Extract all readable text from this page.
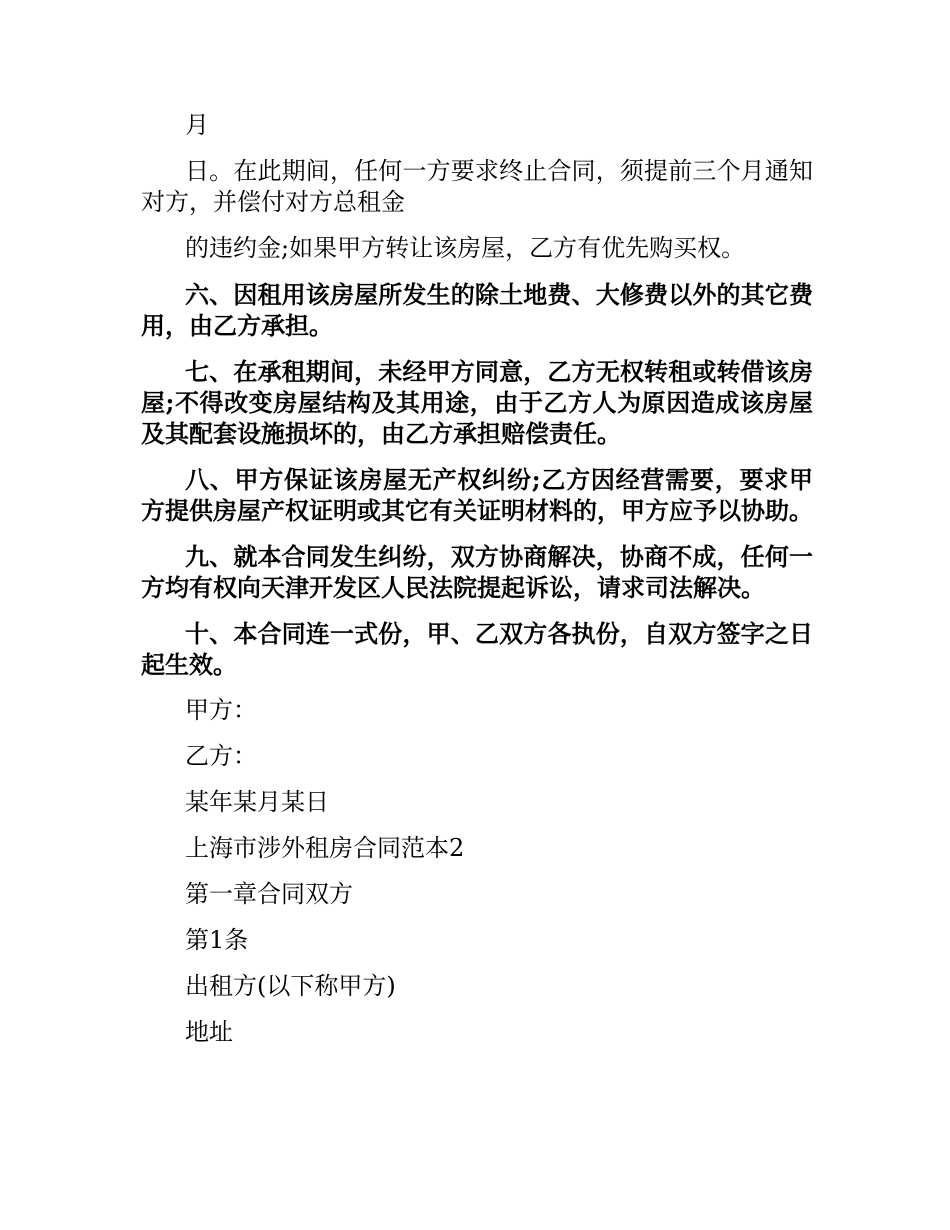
月

日。在此期间，任何一方要求终止合同，须提前三个月通知对方，并偿付对方总租金

的违约金;如果甲方转让该房屋，乙方有优先购买权。

六、因租用该房屋所发生的除土地费、大修费以外的其它费用，由乙方承担。

七、在承租期间，未经甲方同意，乙方无权转租或转借该房屋;不得改变房屋结构及其用途，由于乙方人为原因造成该房屋及其配套设施损坏的，由乙方承担赔偿责任。

八、甲方保证该房屋无产权纠纷;乙方因经营需要，要求甲方提供房屋产权证明或其它有关证明材料的，甲方应予以协助。

九、就本合同发生纠纷，双方协商解决，协商不成，任何一方均有权向天津开发区人民法院提起诉讼，请求司法解决。

十、本合同连一式份，甲、乙双方各执份，自双方签字之日起生效。

甲方：

乙方：

某年某月某日

上海市涉外租房合同范本2

第一章合同双方

第1条

出租方(以下称甲方)

地址
